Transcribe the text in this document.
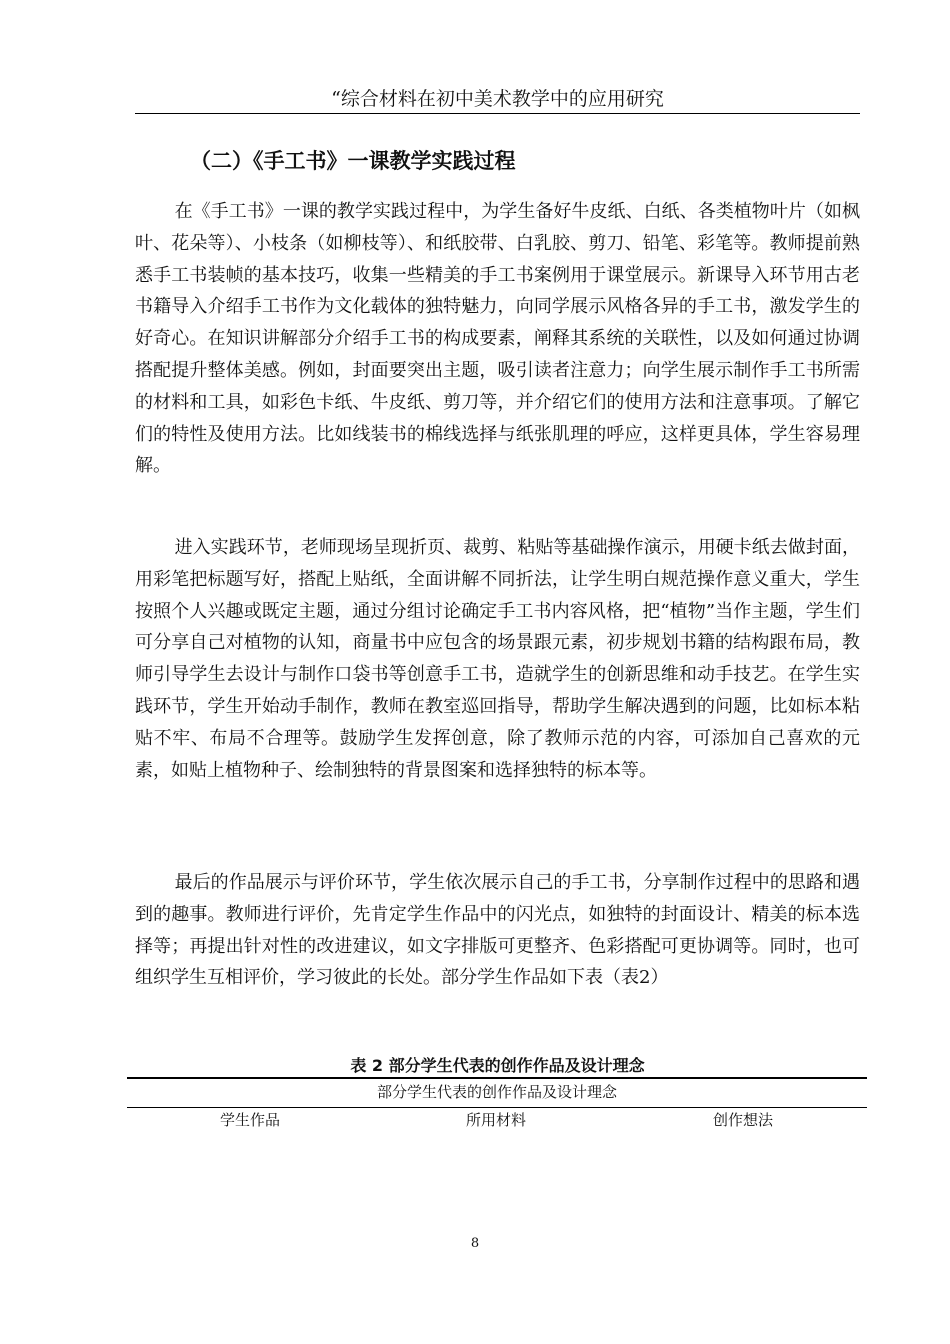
“综合材料在初中美术教学中的应用研究
（二）《手工书》一课教学实践过程

在《手工书》一课的教学实践过程中，为学生备好牛皮纸、白纸、各类植物叶片（如枫叶、花朵等）、小枝条（如柳枝等）、和纸胶带、白乳胶、剪刀、铅笔、彩笔等。教师提前熟悉手工书装帧的基本技巧，收集一些精美的手工书案例用于课堂展示。新课导入环节用古老书籍导入介绍手工书作为文化载体的独特魅力，向同学展示风格各异的手工书，激发学生的好奇心。在知识讲解部分介绍手工书的构成要素，阐释其系统的关联性，以及如何通过协调搭配提升整体美感。例如，封面要突出主题，吸引读者注意力；向学生展示制作手工书所需的材料和工具，如彩色卡纸、牛皮纸、剪刀等，并介绍它们的使用方法和注意事项。了解它们的特性及使用方法。比如线装书的棉线选择与纸张肌理的呼应，这样更具体，学生容易理解。

进入实践环节，老师现场呈现折页、裁剪、粘贴等基础操作演示，用硬卡纸去做封面，用彩笔把标题写好，搭配上贴纸，全面讲解不同折法，让学生明白规范操作意义重大，学生按照个人兴趣或既定主题，通过分组讨论确定手工书内容风格，把“植物”当作主题，学生们可分享自己对植物的认知，商量书中应包含的场景跟元素，初步规划书籍的结构跟布局，教师引导学生去设计与制作口袋书等创意手工书，造就学生的创新思维和动手技艺。在学生实践环节，学生开始动手制作，教师在教室巡回指导，帮助学生解决遇到的问题，比如标本粘贴不牢、布局不合理等。鼓励学生发挥创意，除了教师示范的内容，可添加自己喜欢的元素，如贴上植物种子、绘制独特的背景图案和选择独特的标本等。

最后的作品展示与评价环节，学生依次展示自己的手工书，分享制作过程中的思路和遇到的趣事。教师进行评价，先肯定学生作品中的闪光点，如独特的封面设计、精美的标本选择等；再提出针对性的改进建议，如文字排版可更整齐、色彩搭配可更协调等。同时，也可组织学生互相评价，学习彼此的长处。部分学生作品如下表（表2）

表 2 部分学生代表的创作作品及设计理念
部分学生代表的创作作品及设计理念
学生作品	所用材料	创作想法
8
